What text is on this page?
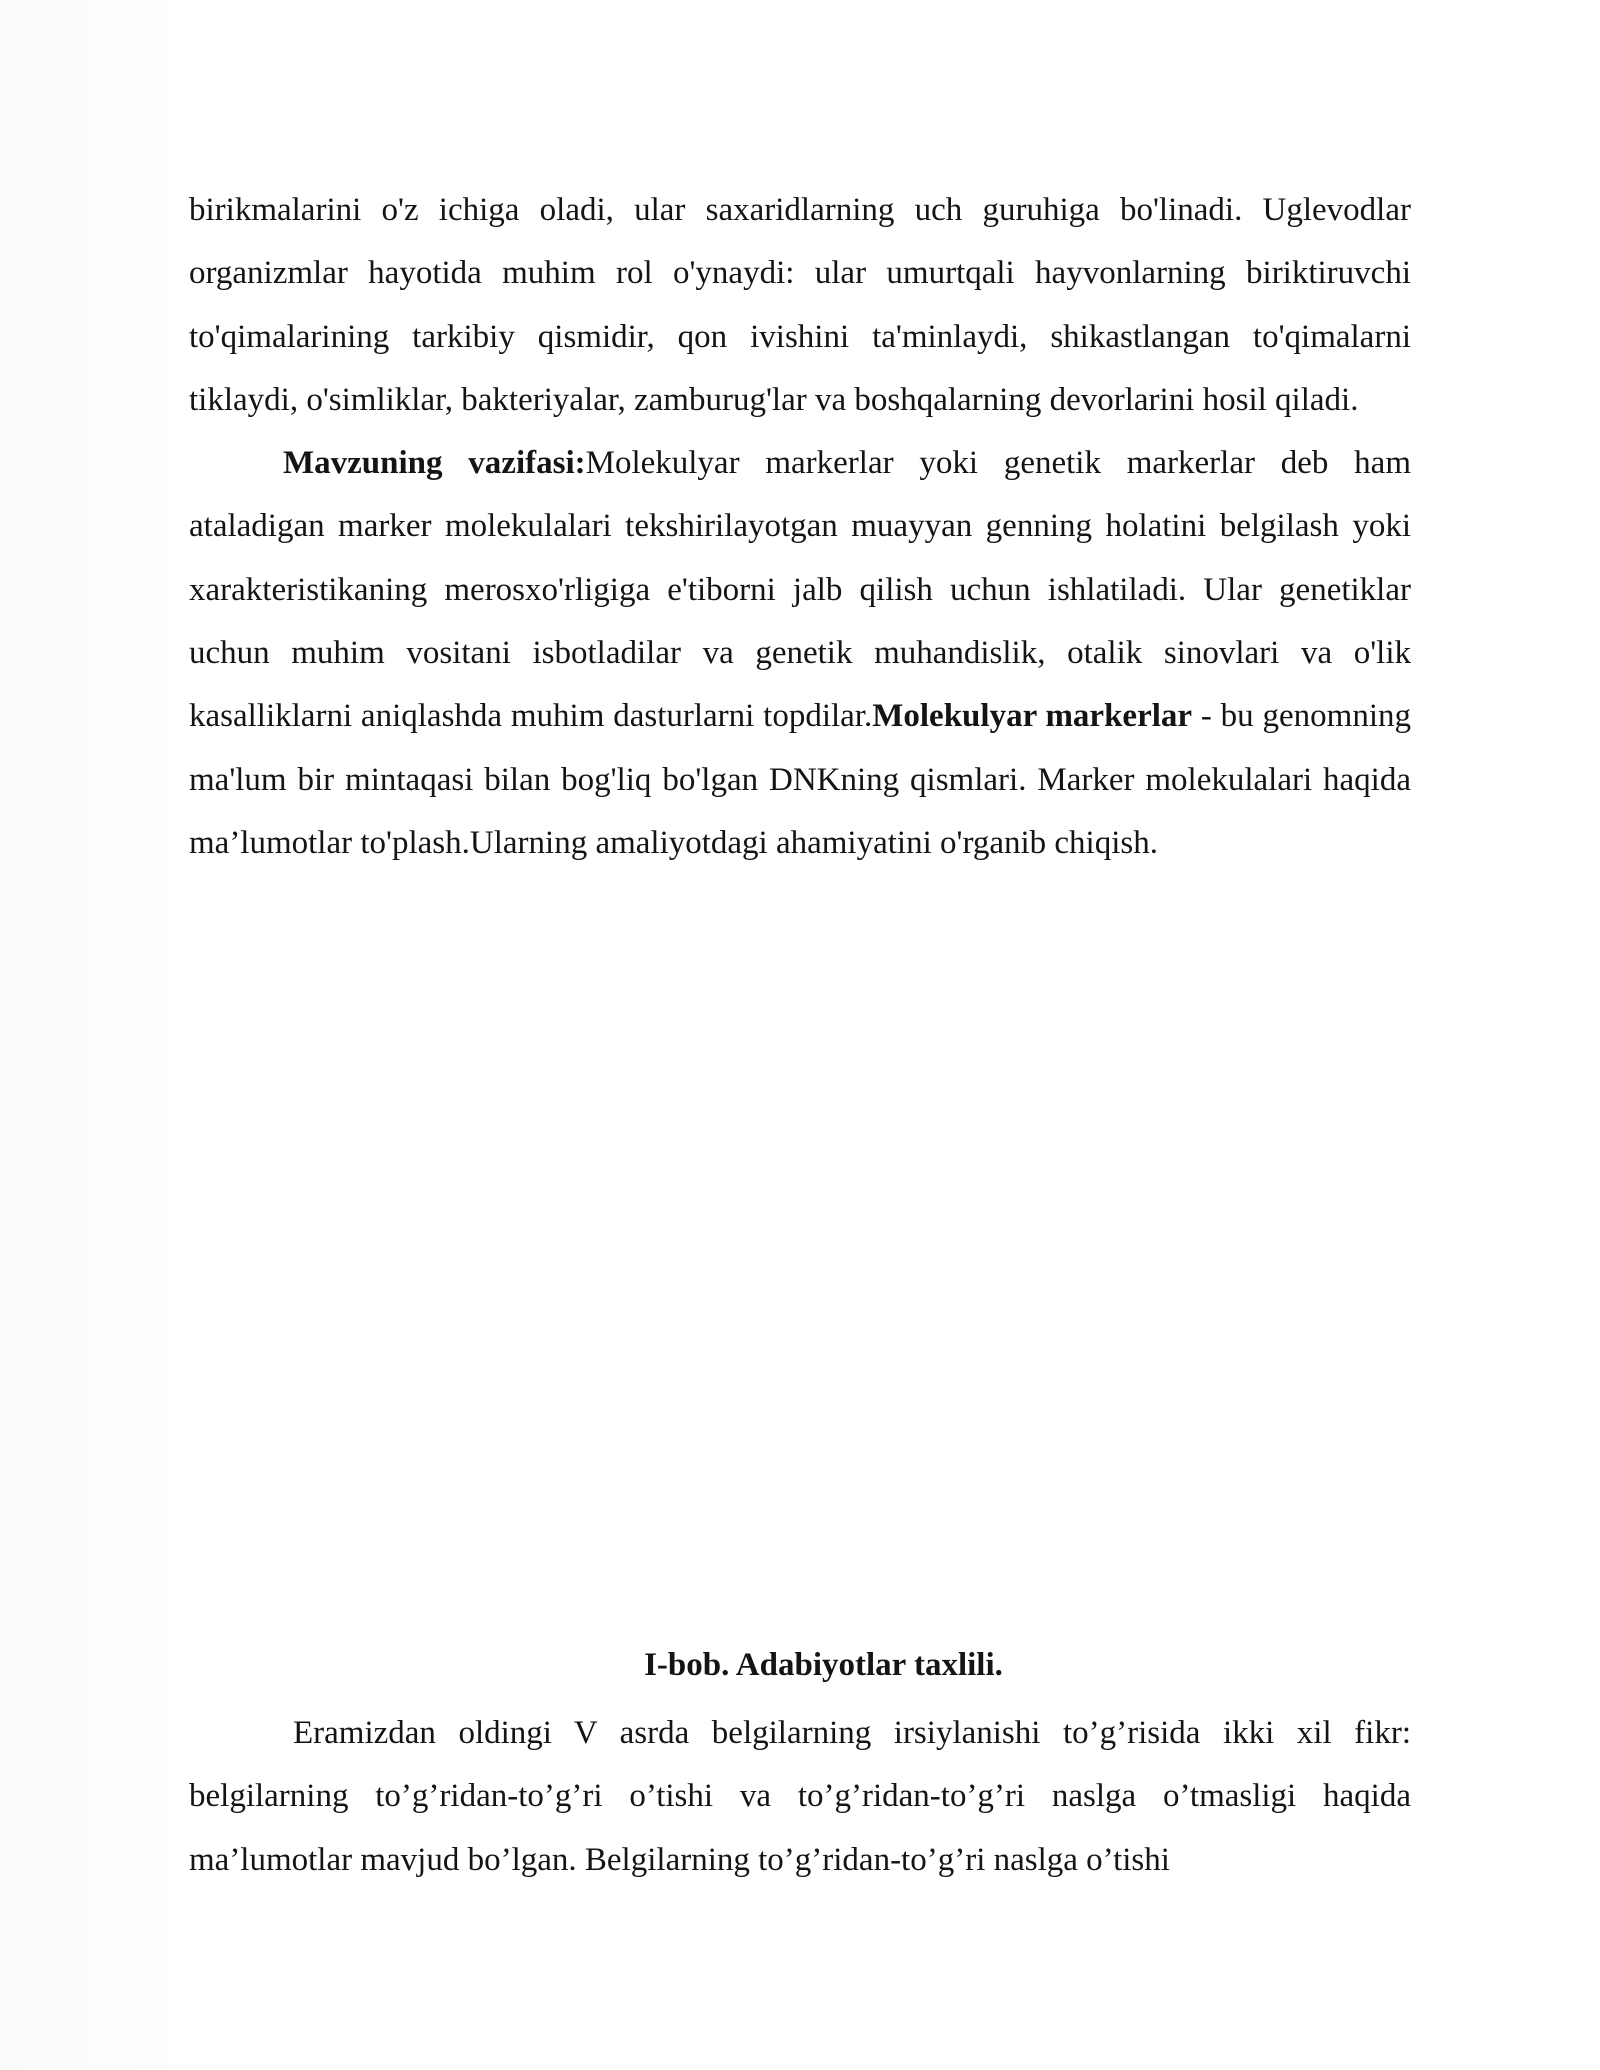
birikmalarini o'z ichiga oladi, ular saxaridlarning uch guruhiga bo'linadi. Uglevodlar organizmlar hayotida muhim rol o'ynaydi: ular umurtqali hayvonlarning biriktiruvchi to'qimalarining tarkibiy qismidir, qon ivishini ta'minlaydi, shikastlangan to'qimalarni tiklaydi, o'simliklar, bakteriyalar, zamburug'lar va boshqalarning devorlarini hosil qiladi.

Mavzuning vazifasi:Molekulyar markerlar yoki genetik markerlar deb ham ataladigan marker molekulalari tekshirilayotgan muayyan genning holatini belgilash yoki xarakteristikaning merosxo'rligiga e'tiborni jalb qilish uchun ishlatiladi. Ular genetiklar uchun muhim vositani isbotladilar va genetik muhandislik, otalik sinovlari va o'lik kasalliklarni aniqlashda muhim dasturlarni topdilar.Molekulyar markerlar - bu genomning ma'lum bir mintaqasi bilan bog'liq bo'lgan DNKning qismlari. Marker molekulalari haqida ma’lumotlar to'plash.Ularning amaliyotdagi ahamiyatini o'rganib chiqish.

I-bob. Adabiyotlar taxlili.

Eramizdan oldingi V asrda belgilarning irsiylanishi to’g’risida ikki xil fikr: belgilarning to’g’ridan-to’g’ri o’tishi va to’g’ridan-to’g’ri naslga o’tmasligi haqida ma’lumotlar mavjud bo’lgan. Belgilarning to’g’ridan-to’g’ri naslga o’tishi
